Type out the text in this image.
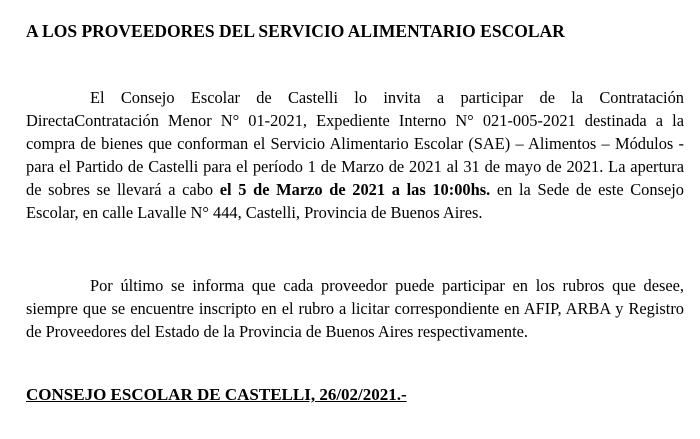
A LOS PROVEEDORES DEL SERVICIO ALIMENTARIO ESCOLAR

El Consejo Escolar de Castelli lo invita a participar de la Contratación DirectaContratación Menor N° 01-2021, Expediente Interno N° 021-005-2021 destinada a la compra de bienes que conforman el Servicio Alimentario Escolar (SAE) – Alimentos – Módulos - para el Partido de Castelli para el período 1 de Marzo de 2021 al 31 de mayo de 2021. La apertura de sobres se llevará a cabo el 5 de Marzo de 2021 a las 10:00hs. en la Sede de este Consejo Escolar, en calle Lavalle N° 444, Castelli, Provincia de Buenos Aires.

Por último se informa que cada proveedor puede participar en los rubros que desee, siempre que se encuentre inscripto en el rubro a licitar correspondiente en AFIP, ARBA y Registro de Proveedores del Estado de la Provincia de Buenos Aires respectivamente.

CONSEJO ESCOLAR DE CASTELLI, 26/02/2021.-
